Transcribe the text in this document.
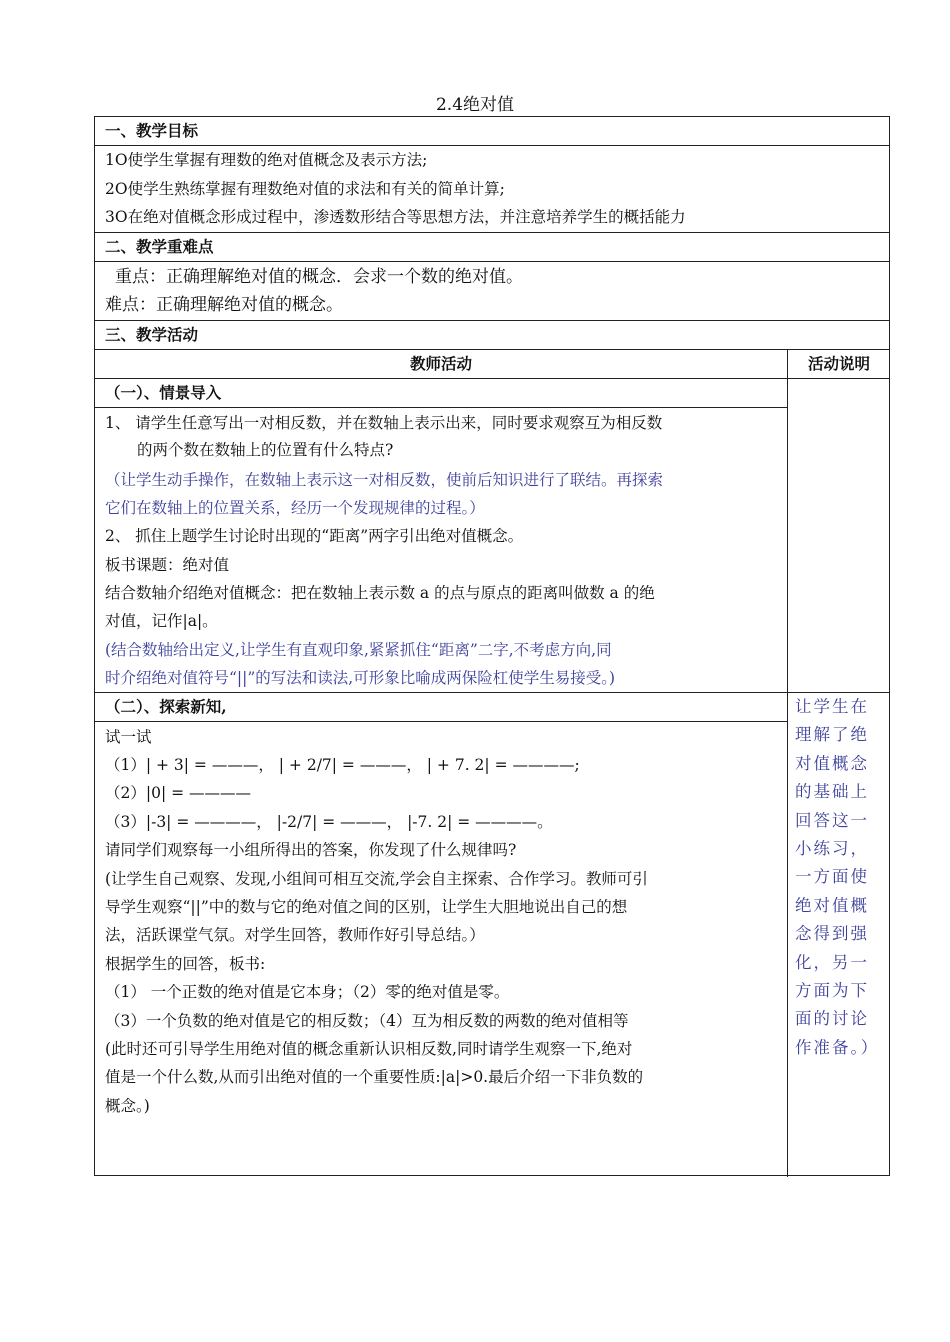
2.4绝对值
一、教学目标
1О使学生掌握有理数的绝对值概念及表示方法;
2О使学生熟练掌握有理数绝对值的求法和有关的简单计算;
3О在绝对值概念形成过程中，渗透数形结合等思想方法，并注意培养学生的概括能力
二、教学重难点
重点：正确理解绝对值的概念．会求一个数的绝对值。
难点：正确理解绝对值的概念。
三、教学活动
教师活动	活动说明
（一）、情景导入
1、 请学生任意写出一对相反数，并在数轴上表示出来，同时要求观察互为相反数
的两个数在数轴上的位置有什么特点?
（让学生动手操作，在数轴上表示这一对相反数，使前后知识进行了联结。再探索
它们在数轴上的位置关系，经历一个发现规律的过程。）
2、 抓住上题学生讨论时出现的“距离”两字引出绝对值概念。
板书课题：绝对值
结合数轴介绍绝对值概念：把在数轴上表示数 a 的点与原点的距离叫做数 a 的绝
对值，记作|a|。
(结合数轴给出定义,让学生有直观印象,紧紧抓住“距离”二字,不考虑方向,同
时介绍绝对值符号“||”的写法和读法,可形象比喻成两保险杠使学生易接受。)
（二）、探索新知,
试一试
（1）| + 3| = ———， | + 2/7| = ———， | + 7. 2| = ————;
（2）|0| = ————
（3）|-3| = ————， |-2/7| = ———， |-7. 2| = ————。
请同学们观察每一小组所得出的答案，你发现了什么规律吗?
(让学生自己观察、发现,小组间可相互交流,学会自主探索、合作学习。教师可引
导学生观察“||”中的数与它的绝对值之间的区别，让学生大胆地说出自己的想
法，活跃课堂气氛。对学生回答，教师作好引导总结。）
根据学生的回答，板书:
（1） 一个正数的绝对值是它本身；（2）零的绝对值是零。
（3）一个负数的绝对值是它的相反数；（4）互为相反数的两数的绝对值相等
(此时还可引导学生用绝对值的概念重新认识相反数,同时请学生观察一下,绝对
值是一个什么数,从而引出绝对值的一个重要性质:|a|>0.最后介绍一下非负数的
概念。)
让学生在理解了绝对值概念的基础上回答这一小练习，一方面使绝对值概念得到强化，另一方面为下面的讨论作准备。）
